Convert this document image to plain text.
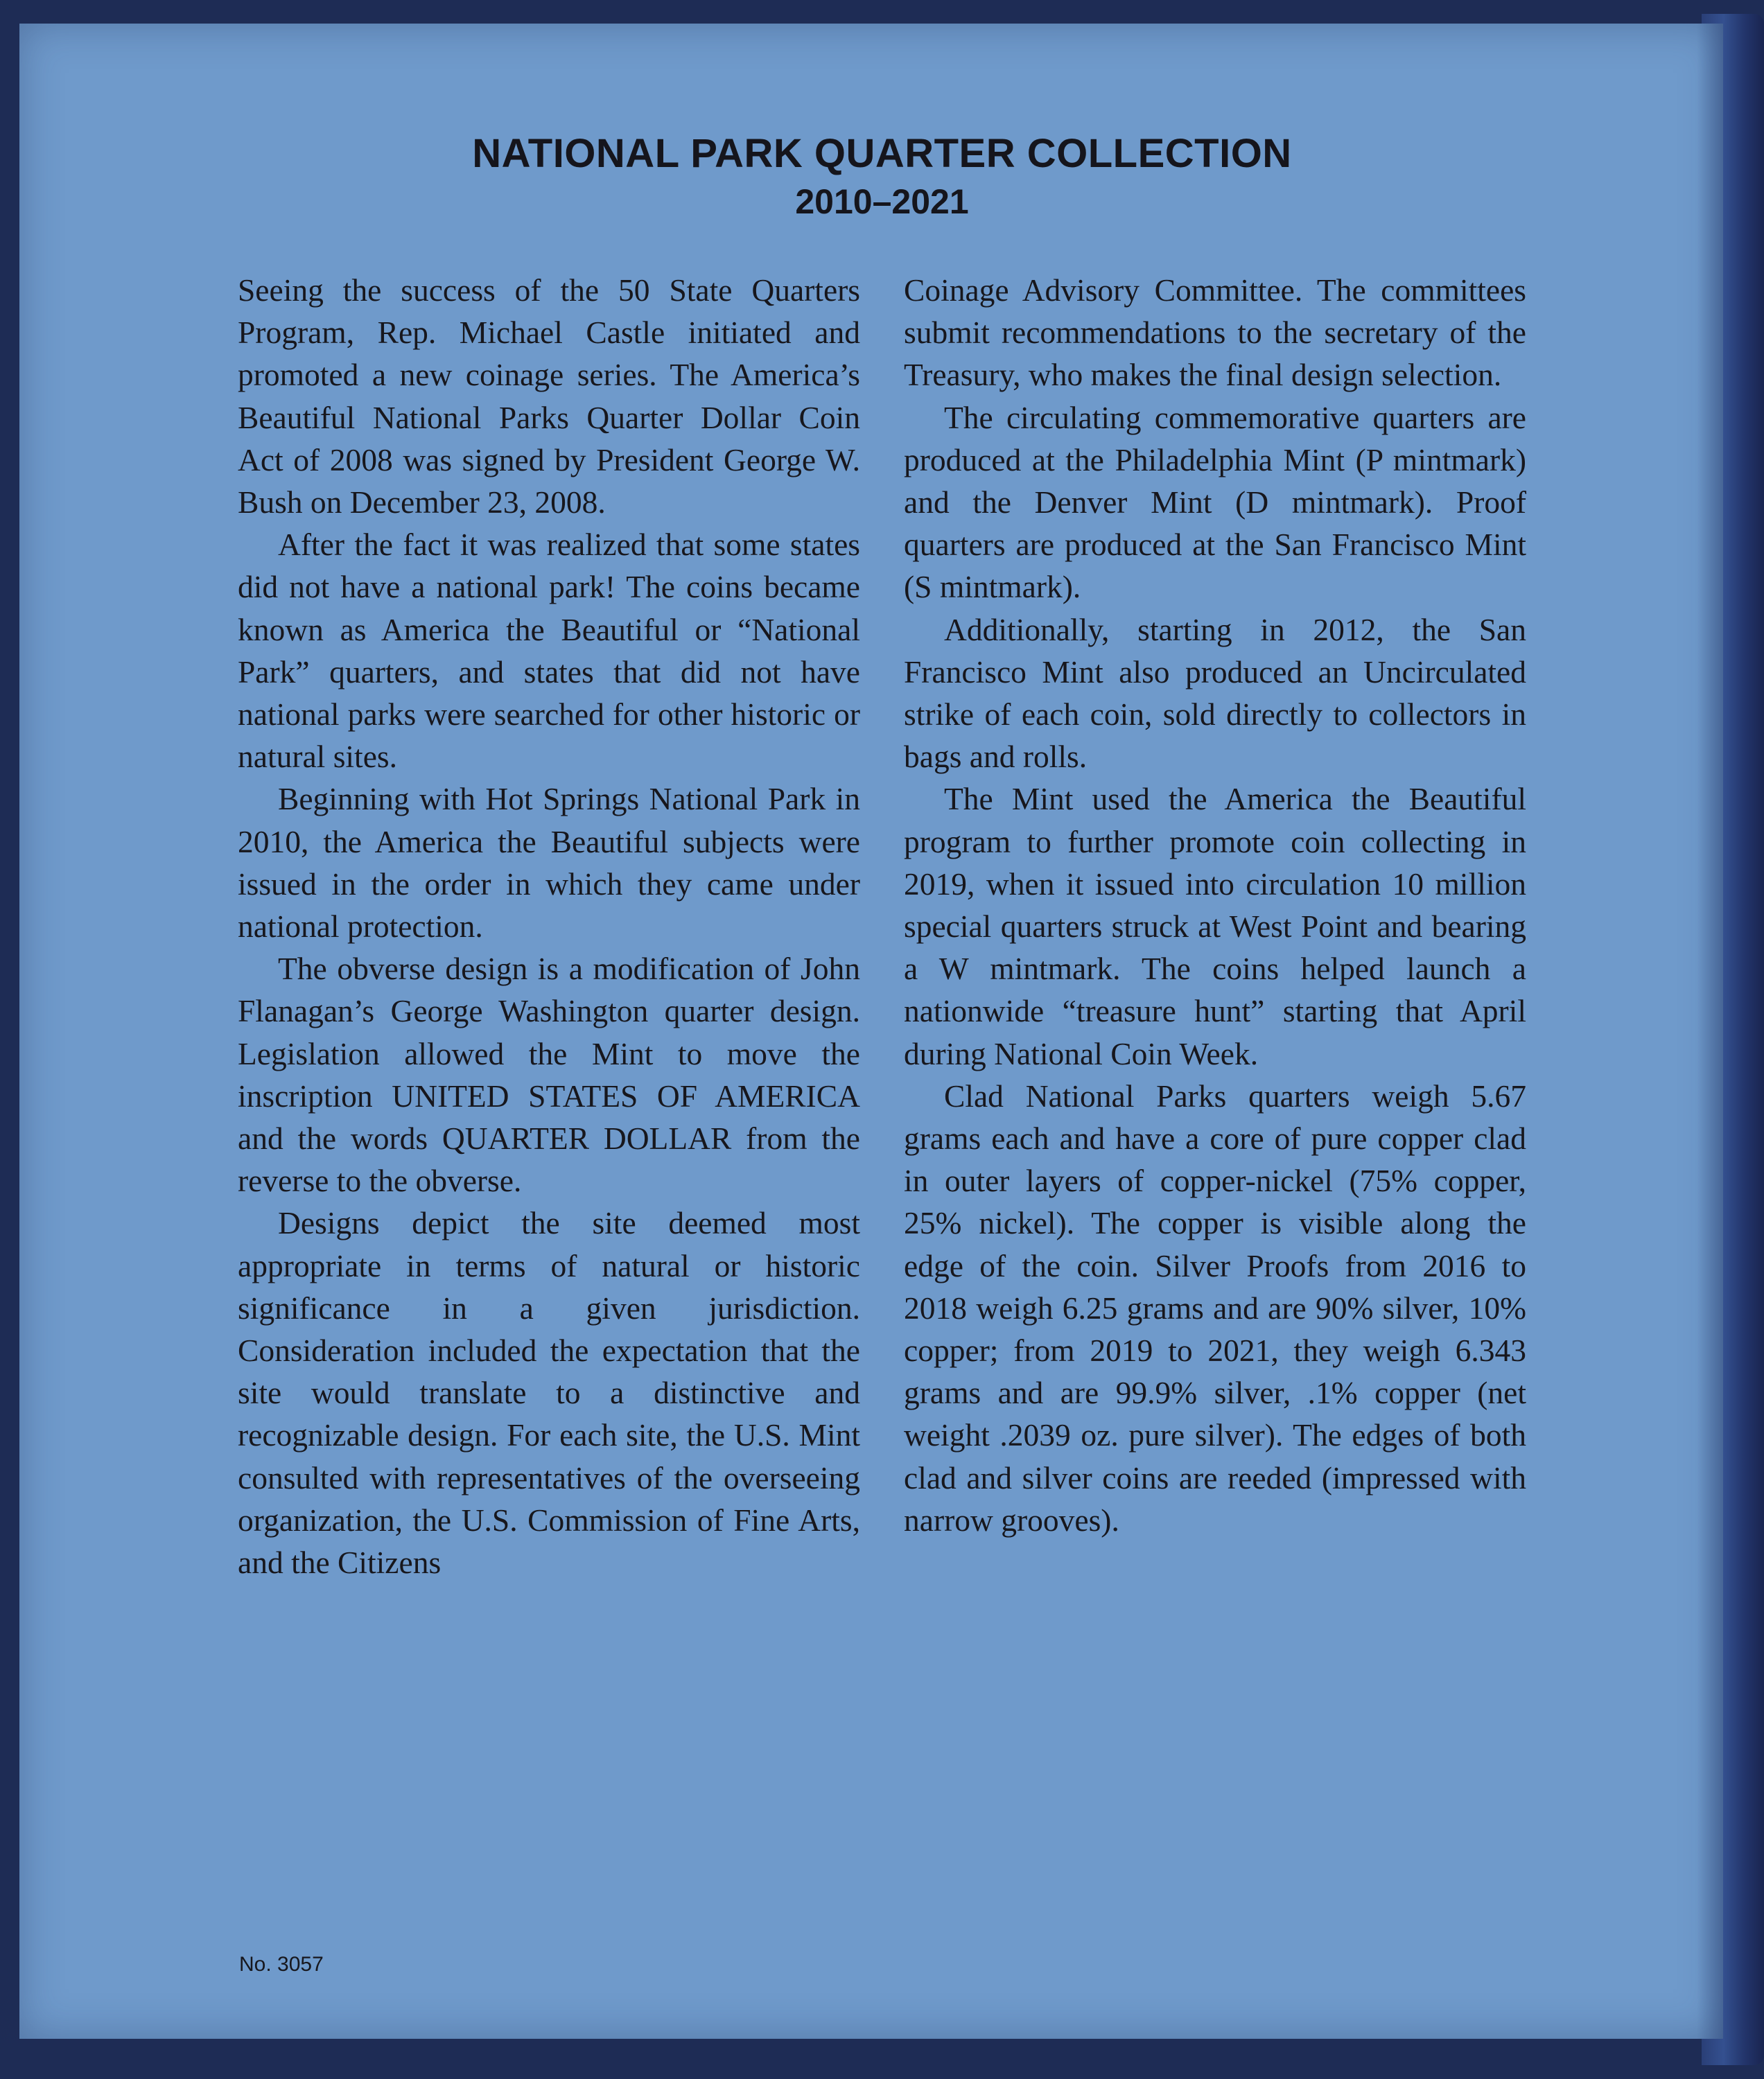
NATIONAL PARK QUARTER COLLECTION
2010–2021

Seeing the success of the 50 State Quarters Program, Rep. Michael Castle initiated and promoted a new coinage series. The America’s Beautiful National Parks Quarter Dollar Coin Act of 2008 was signed by President George W. Bush on December 23, 2008.

After the fact it was realized that some states did not have a national park! The coins became known as America the Beautiful or “National Park” quarters, and states that did not have national parks were searched for other historic or natural sites.

Beginning with Hot Springs National Park in 2010, the America the Beautiful subjects were issued in the order in which they came under national protection.

The obverse design is a modification of John Flanagan’s George Washington quarter design. Legislation allowed the Mint to move the inscription UNITED STATES OF AMERICA and the words QUARTER DOLLAR from the reverse to the obverse.

Designs depict the site deemed most appropriate in terms of natural or historic significance in a given jurisdiction. Consideration included the expectation that the site would translate to a distinctive and recognizable design. For each site, the U.S. Mint consulted with representatives of the overseeing organization, the U.S. Commission of Fine Arts, and the Citizens

Coinage Advisory Committee. The committees submit recommendations to the secretary of the Treasury, who makes the final design selection.

The circulating commemorative quarters are produced at the Philadelphia Mint (P mintmark) and the Denver Mint (D mintmark). Proof quarters are produced at the San Francisco Mint (S mintmark).

Additionally, starting in 2012, the San Francisco Mint also produced an Uncirculated strike of each coin, sold directly to collectors in bags and rolls.

The Mint used the America the Beautiful program to further promote coin collecting in 2019, when it issued into circulation 10 million special quarters struck at West Point and bearing a W mintmark. The coins helped launch a nationwide “treasure hunt” starting that April during National Coin Week.

Clad National Parks quarters weigh 5.67 grams each and have a core of pure copper clad in outer layers of copper-nickel (75% copper, 25% nickel). The copper is visible along the edge of the coin. Silver Proofs from 2016 to 2018 weigh 6.25 grams and are 90% silver, 10% copper; from 2019 to 2021, they weigh 6.343 grams and are 99.9% silver, .1% copper (net weight .2039 oz. pure silver). The edges of both clad and silver coins are reeded (impressed with narrow grooves).

No. 3057
